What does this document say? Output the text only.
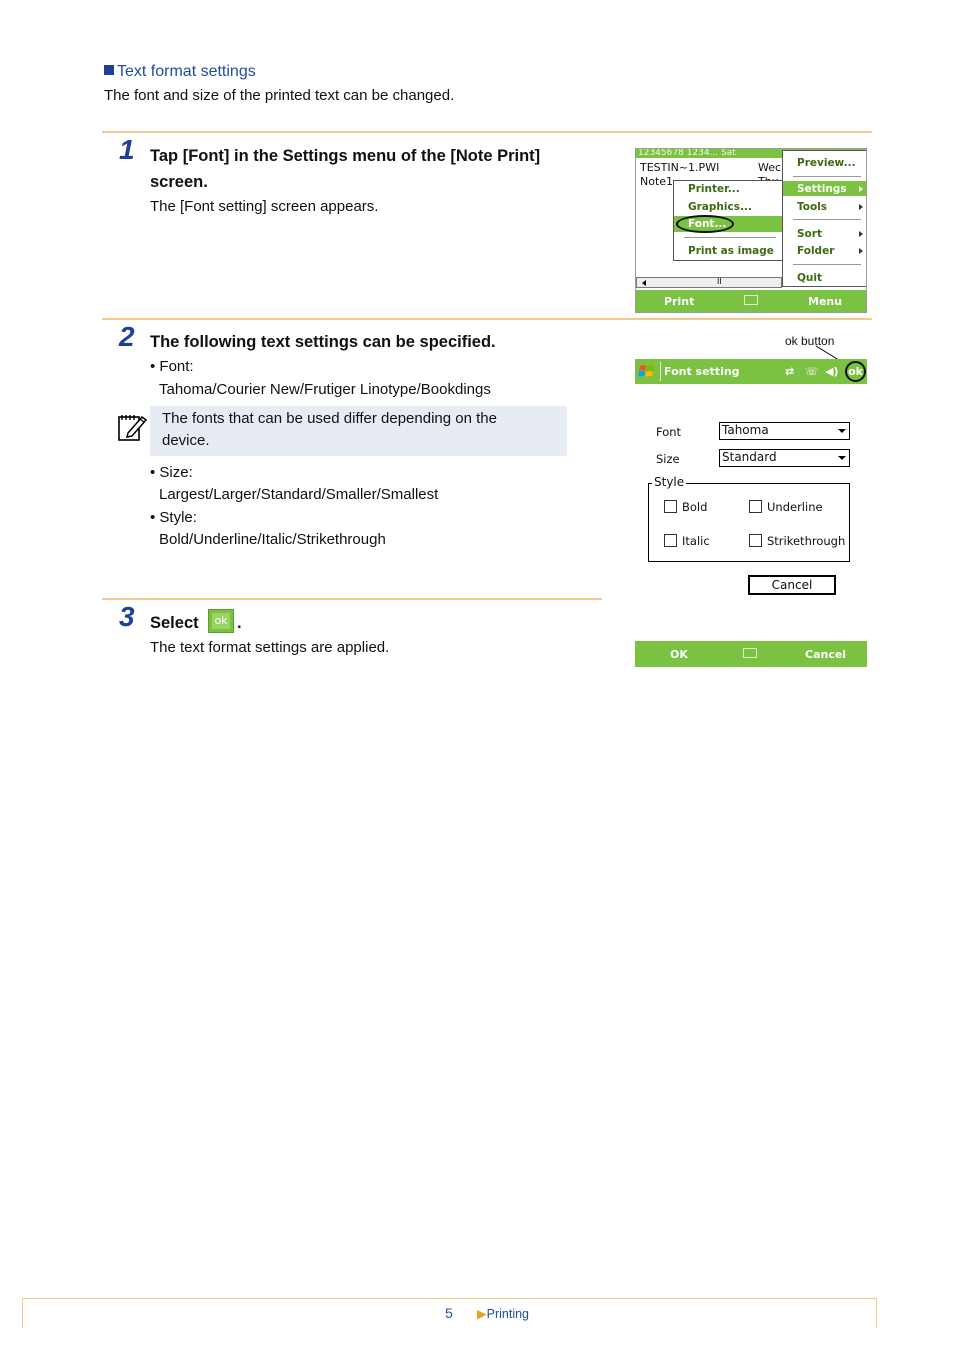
Text format settings
The font and size of the printed text can be changed.
1 Tap [Font] in the Settings menu of the [Note Print]
screen.
The [Font setting] screen appears.
12345678 1234... Sat
TESTIN~1.PWI	Wec
Note1
Printer...
Graphics...
Font...
Print as image
Preview...
Settings
Tools
Sort
Folder
Quit
II
Print	Menu
2 The following text settings can be specified.
• Font:
Tahoma/Courier New/Frutiger Linotype/Bookdings
The fonts that can be used differ depending on the
device.
• Size:
Largest/Larger/Standard/Smaller/Smallest
• Style:
Bold/Underline/Italic/Strikethrough
ok button
Font setting	⇄ ☏ ◀) ok
Font	Tahoma
Size	Standard
Style
Bold	Underline
Italic	Strikethrough
Cancel
OK	Cancel
3 Select ok .
The text format settings are applied.
5 ▶Printing
